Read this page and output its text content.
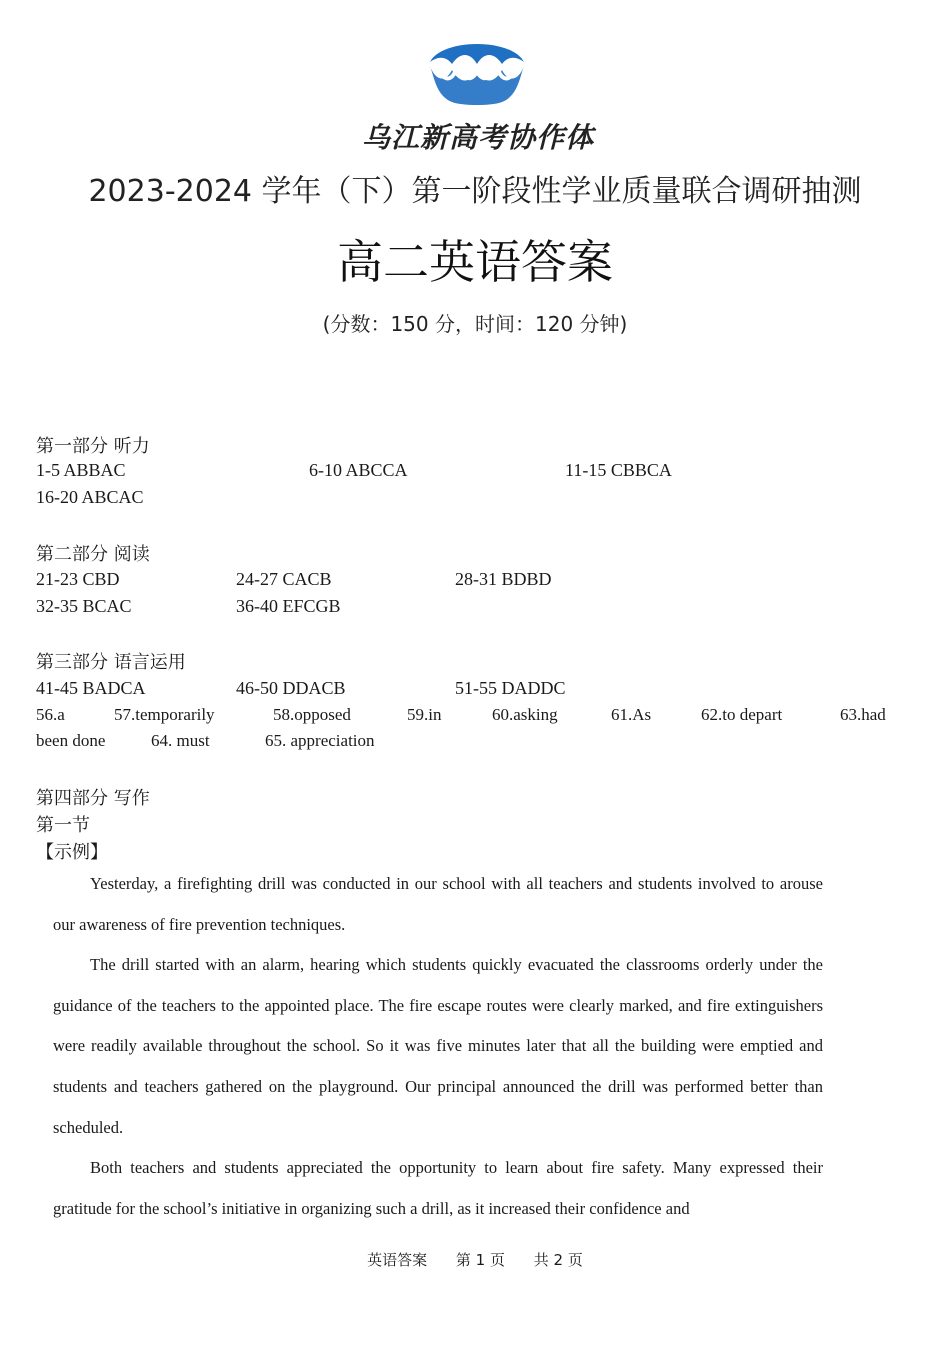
乌江新高考协作体
2023-2024 学年（下）第一阶段性学业质量联合调研抽测
高二英语答案
(分数：150 分，时间：120 分钟)
第一部分 听力
1-5 ABBAC	6-10 ABCCA	11-15 CBBCA
16-20 ABCAC
第二部分 阅读
21-23 CBD	24-27 CACB	28-31 BDBD
32-35 BCAC	36-40 EFCGB
第三部分 语言运用
41-45 BADCA	46-50 DDACB	51-55 DADDC
56.a	57.temporarily	58.opposed	59.in	60.asking	61.As	62.to depart	63.had
been done	64. must	65. appreciation
第四部分 写作
第一节
【示例】

Yesterday, a firefighting drill was conducted in our school with all teachers and students involved to arouse our awareness of fire prevention techniques.

The drill started with an alarm, hearing which students quickly evacuated the classrooms orderly under the guidance of the teachers to the appointed place. The fire escape routes were clearly marked, and fire extinguishers were readily available throughout the school. So it was five minutes later that all the building were emptied and students and teachers gathered on the playground. Our principal announced the drill was performed better than scheduled.

Both teachers and students appreciated the opportunity to learn about fire safety. Many expressed their gratitude for the school’s initiative in organizing such a drill, as it increased their confidence and

英语答案 第 1 页 共 2 页
